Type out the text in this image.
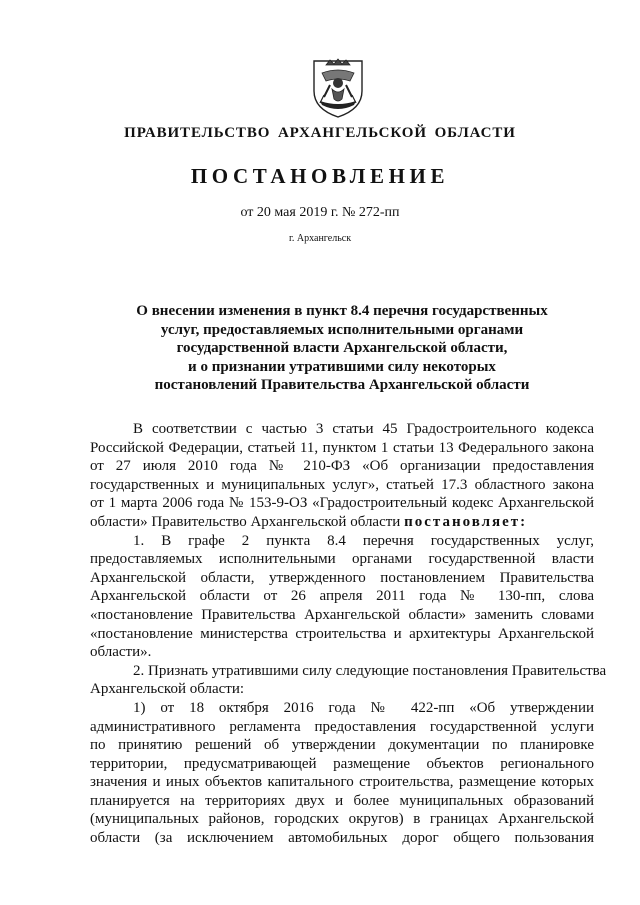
ПРАВИТЕЛЬСТВО АРХАНГЕЛЬСКОЙ ОБЛАСТИ
ПОСТАНОВЛЕНИЕ
от 20 мая 2019 г. № 272-пп
г. Архангельск
О внесении изменения в пункт 8.4 перечня государственных
услуг, предоставляемых исполнительными органами
государственной власти Архангельской области,
и о признании утратившими силу некоторых
постановлений Правительства Архангельской области
В соответствии с частью 3 статьи 45 Градостроительного кодекса
Российской Федерации, статьей 11, пунктом 1 статьи 13 Федерального закона
от 27 июля 2010 года № 210-ФЗ «Об организации предоставления
государственных и муниципальных услуг», статьей 17.3 областного закона
от 1 марта 2006 года № 153-9-ОЗ «Градостроительный кодекс Архангельской
области» Правительство Архангельской области постановляет:
1. В графе 2 пункта 8.4 перечня государственных услуг,
предоставляемых исполнительными органами государственной власти
Архангельской области, утвержденного постановлением Правительства
Архангельской области от 26 апреля 2011 года № 130-пп, слова
«постановление Правительства Архангельской области» заменить словами
«постановление министерства строительства и архитектуры Архангельской
области».
2. Признать утратившими силу следующие постановления Правительства
Архангельской области:
1) от 18 октября 2016 года № 422-пп «Об утверждении
административного регламента предоставления государственной услуги
по принятию решений об утверждении документации по планировке
территории, предусматривающей размещение объектов регионального
значения и иных объектов капитального строительства, размещение которых
планируется на территориях двух и более муниципальных образований
(муниципальных районов, городских округов) в границах Архангельской
области (за исключением автомобильных дорог общего пользования
